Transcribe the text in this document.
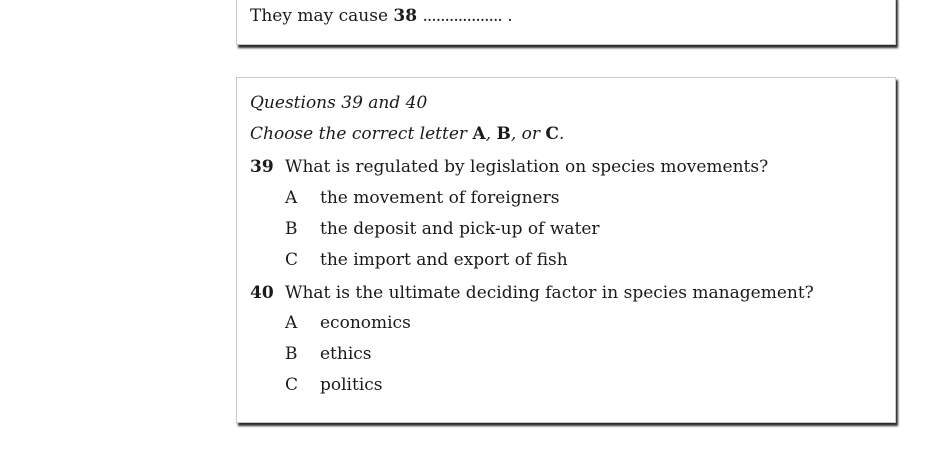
They may cause 38 .................. .
Questions 39 and 40
Choose the correct letter A, B, or C.
39 What is regulated by legislation on species movements?
A the movement of foreigners
B the deposit and pick-up of water
C the import and export of fish
40 What is the ultimate deciding factor in species management?
A economics
B ethics
C politics
